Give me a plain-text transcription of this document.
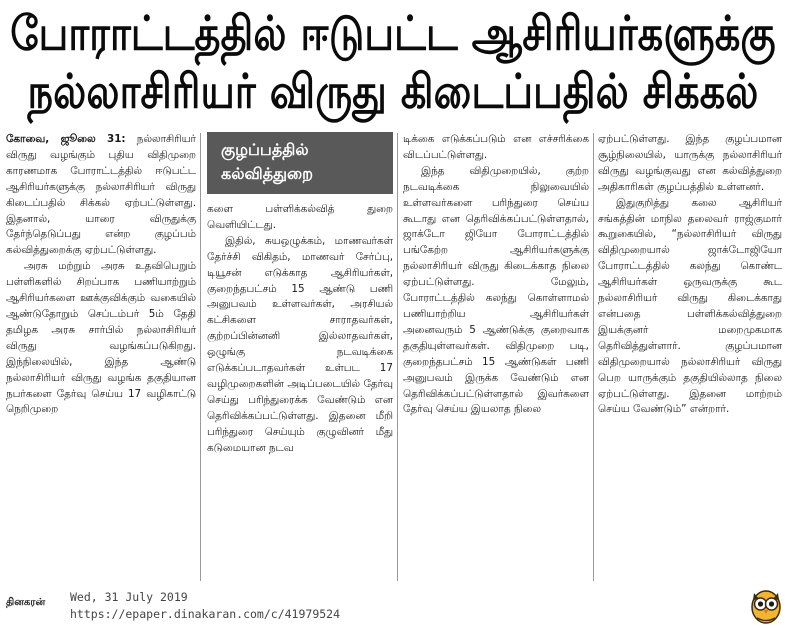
போராட்டத்தில் ஈடுபட்ட ஆசிரியர்களுக்கு
நல்லாசிரியர் விருது கிடைப்பதில் சிக்கல்

கோவை, ஜூலை 31: நல்லாசிரியர் விருது வழங்கும் புதிய விதிமுறை காரணமாக போராட்டத்தில் ஈடுபட்ட ஆசிரியர்களுக்கு நல்லாசிரியர் விருது கிடைப்பதில் சிக்கல் ஏற்பட்டுள்ளது. இதனால், யாரை விருதுக்கு தேர்ந்தெடுப்பது என்ற குழப்பம் கல்வித்துறைக்கு ஏற்பட்டுள்ளது.

அரசு மற்றும் அரசு உதவிபெறும் பள்ளிகளில் சிறப்பாக பணியாற்றும் ஆசிரியர்களை ஊக்குவிக்கும் வகையில் ஆண்டுதோறும் செப்டம்பர் 5ம் தேதி தமிழக அரசு சார்பில் நல்லாசிரியர் விருது வழங்கப்படுகிறது. இந்நிலையில், இந்த ஆண்டு நல்லாசிரியர் விருது வழங்க தகுதியான நபர்களை தேர்வு செய்ய 17 வழிகாட்டு நெறிமுறை

குழப்பத்தில்
கல்வித்துறை

களை பள்ளிக்கல்வித் துறை வெளியிட்டது.

இதில், சுயஒழுக்கம், மாணவர்கள் தேர்ச்சி விகிதம், மாணவர் சேர்ப்பு, டியூசன் எடுக்காத ஆசிரியர்கள், குறைந்தபட்சம் 15 ஆண்டு பணி அனுபவம் உள்ளவர்கள், அரசியல் கட்சிகளை சாராதவர்கள், குற்றப்பின்னனி இல்லாதவர்கள், ஒழுங்கு நடவடிக்கை எடுக்கப்படாதவர்கள் உள்பட 17 வழிமுறைகளின் அடிப்படையில் தேர்வு செய்து பரிந்துரைக்க வேண்டும் என தெரிவிக்கப்பட்டுள்ளது. இதனை மீறி பரிந்துரை செய்யும் குழுவினர் மீது கடுமையான நடவ

டிக்கை எடுக்கப்படும் என எச்சரிக்கை விடப்பட்டுள்ளது.

இந்த விதிமுறையில், குற்ற நடவடிக்கை நிலுவையில் உள்ளவர்களை பரிந்துரை செய்ய கூடாது என தெரிவிக்கப்பட்டுள்ளதால், ஜாக்டோ ஜியோ போராட்டத்தில் பங்கேற்ற ஆசிரியர்களுக்கு நல்லாசிரியர் விருது கிடைக்காத நிலை ஏற்பட்டுள்ளது. மேலும், போராட்டத்தில் கலந்து கொள்ளாமல் பணியாற்றிய ஆசிரியர்கள் அனைவரும் 5 ஆண்டுக்கு குறைவாக தகுதியுள்ளவர்கள். விதிமுறை படி, குறைந்தபட்சம் 15 ஆண்டுகள் பணி அனுபவம் இருக்க வேண்டும் என தெரிவிக்கப்பட்டுள்ளதால் இவர்களை தேர்வு செய்ய இயலாத நிலை

ஏற்பட்டுள்ளது. இந்த குழப்பமான சூழ்நிலையில், யாருக்கு நல்லாசிரியர் விருது வழங்குவது என கல்வித்துறை அதிகாரிகள் குழப்பத்தில் உள்ளனர்.

இதுகுறித்து கலை ஆசிரியர் சங்கத்தின் மாநில தலைவர் ராஜ்குமார் கூறுகையில், “நல்லாசிரியர் விருது விதிமுறையால் ஜாக்டோஜியோ போராட்டத்தில் கலந்து கொண்ட ஆசிரியர்கள் ஒருவருக்கு கூட நல்லாசிரியர் விருது கிடைக்காது என்பதை பள்ளிக்கல்வித்துறை இயக்குனர் மறைமுகமாக தெரிவித்துள்ளார். குழப்பமான விதிமுறையால் நல்லாசிரியர் விருது பெற யாருக்கும் தகுதியில்லாத நிலை ஏற்பட்டுள்ளது. இதனை மாற்றம் செய்ய வேண்டும்” என்றார்.

தினகரன் Wed, 31 July 2019
https://epaper.dinakaran.com/c/41979524
